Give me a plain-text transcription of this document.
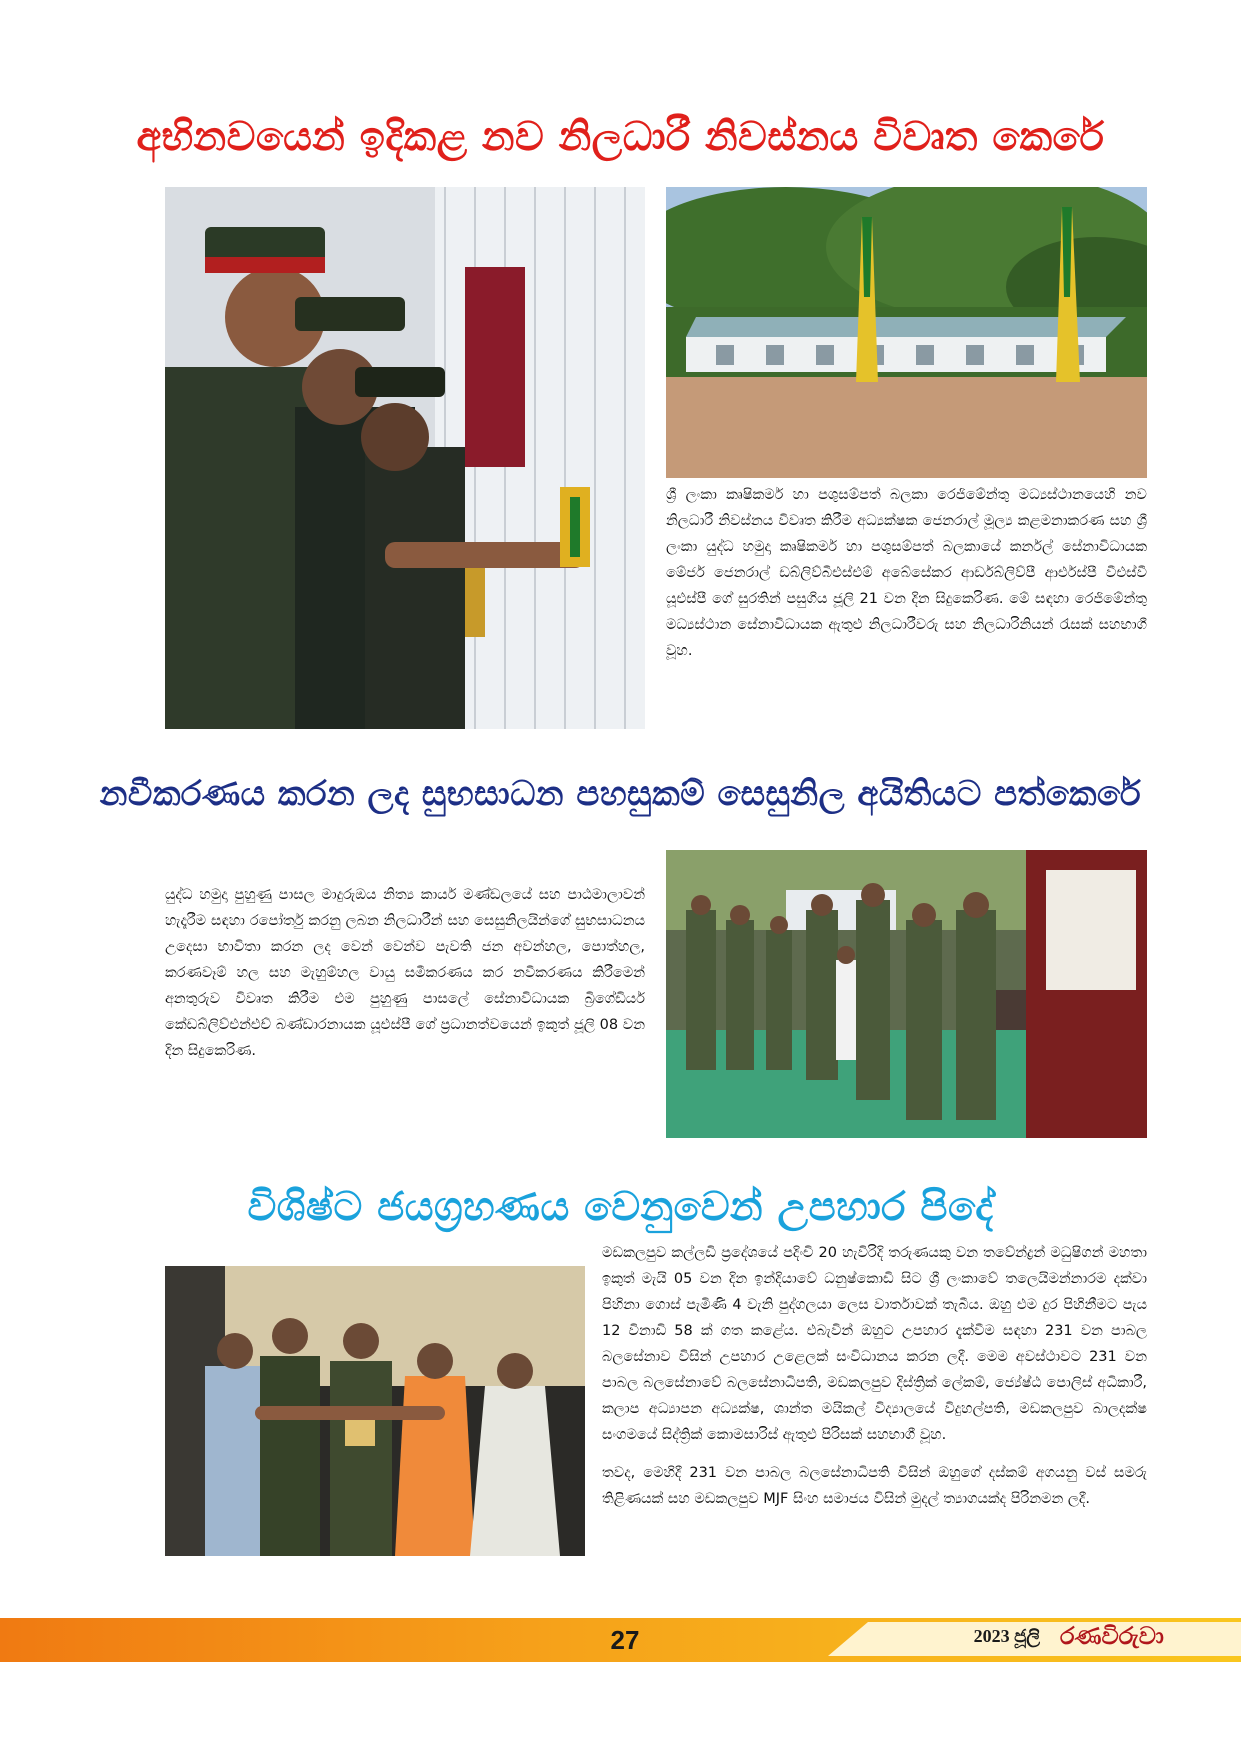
අභිනවයෙන් ඉදිකළ නව නිලධාරී නිවස්නය විවෘත කෙරේ
ශ්‍රී ලංකා කෘෂිකර්ම හා පශුසම්පත් බලකා රෙජිමේන්තු මධ්‍යස්ථානයෙහි නව නිලධාරී නිවස්නය විවෘත කිරීම අධ්‍යක්ෂක ජෙනරාල් මූල්‍ය කළමනාකරණ සහ ශ්‍රී ලංකා යුද්ධ හමුදා කෘෂිකර්ම හා පශුසම්පත් බලකායේ කර්නල් සේනාවිධායක මේජර් ජෙනරාල් ඩබ්ලිව්බීඑස්එම් අබේසේකර ආර්ඩබ්ලිව්පී ආර්එස්පී වීඑස්වී යූඑස්පී ගේ සුරතින් පසුගිය ජූලි 21 වන දින සිදුකෙරිණ. මේ සඳහා රෙජිමේන්තු මධ්‍යස්ථාන සේනාවිධායක ඇතුළු නිලධාරීවරු සහ නිලධාරිනියන් රැසක් සහභාගී වූහ.
නවීකරණය කරන ලද සුභසාධන පහසුකම් සෙසුනිල අයිතියට පත්කෙරේ
යුද්ධ හමුදා පුහුණු පාසල මාදුරුඔය නිත්‍ය කාර්ය මණ්ඩලයේ සහ පාඨමාලාවන් හැදෑරීම සඳහා රපෝර්තු කරනු ලබන නිලධාරීන් සහ සෙසුනිලයින්ගේ සුභසාධනය උදෙසා භාවිතා කරන ලද වෙන් වෙන්ව පැවති ජන අවන්හල, පොත්හල, කරණවෑම් හල සහ මැහුම්හල වායු සමීකරණය කර නවීකරණය කිරීමෙන් අනතුරුව විවෘත කිරීම එම පුහුණු පාසලේ සේනාවිධායක බ්‍රිගේඩියර් කේඩබ්ලිව්එන්එච් බණ්ඩාරනායක යූඑස්පී ගේ ප්‍රධානත්වයෙන් ඉකුත් ජූලි 08 වන දින සිදුකෙරිණ.
විශිෂ්ට ජයග්‍රහණය වෙනුවෙන් උපහාර පිදේ

මඩකලපුව කල්ලඩි ප්‍රදේශයේ පදිංචි 20 හැවිරිදි තරුණයකු වන තවේන්ද්‍රන් මධුෂිගන් මහතා ඉකුත් මැයි 05 වන දින ඉන්දියාවේ ධනුෂ්කොඩි සිට ශ්‍රී ලංකාවේ තලෙයිමන්නාරම දක්වා පිහිනා ගොස් පැමිණි 4 වැනි පුද්ගලයා ලෙස වාර්තාවක් තැබීය. ඔහු එම දුර පිහිනීමට පැය 12 විනාඩි 58 ක් ගත කළේය. එබැවින් ඔහුට උපහාර දැක්වීම සඳහා 231 වන පාබල බලසේනාව විසින් උපහාර උළෙලක් සංවිධානය කරන ලදී. මෙම අවස්ථාවට 231 වන පාබල බලසේනාවේ බලසේනාධිපති, මඩකලපුව දිස්ත්‍රික් ලේකම්, ජ්‍යේෂ්ඨ පොලිස් අධිකාරී, කලාප අධ්‍යාපන අධ්‍යක්ෂ, ශාන්ත මයිකල් විද්‍යාලයේ විදුහල්පති, මඩකලපුව බාලදක්ෂ සංගමයේ සිද්ත්‍රික් කොමසාරිස් ඇතුළු පිරිසක් සහභාගී වූහ.

තවද, මෙහිදී 231 වන පාබල බලසේනාධිපති විසින් ඔහුගේ දස්කම් අගයනු වස් සමරු තිළිණයක් සහ මඩකලපුව MJF සිංහ සමාජය විසින් මුදල් ත්‍යාගයක්ද පිරිනමන ලදී.

27	2023 ජූලි රණවිරුවා
